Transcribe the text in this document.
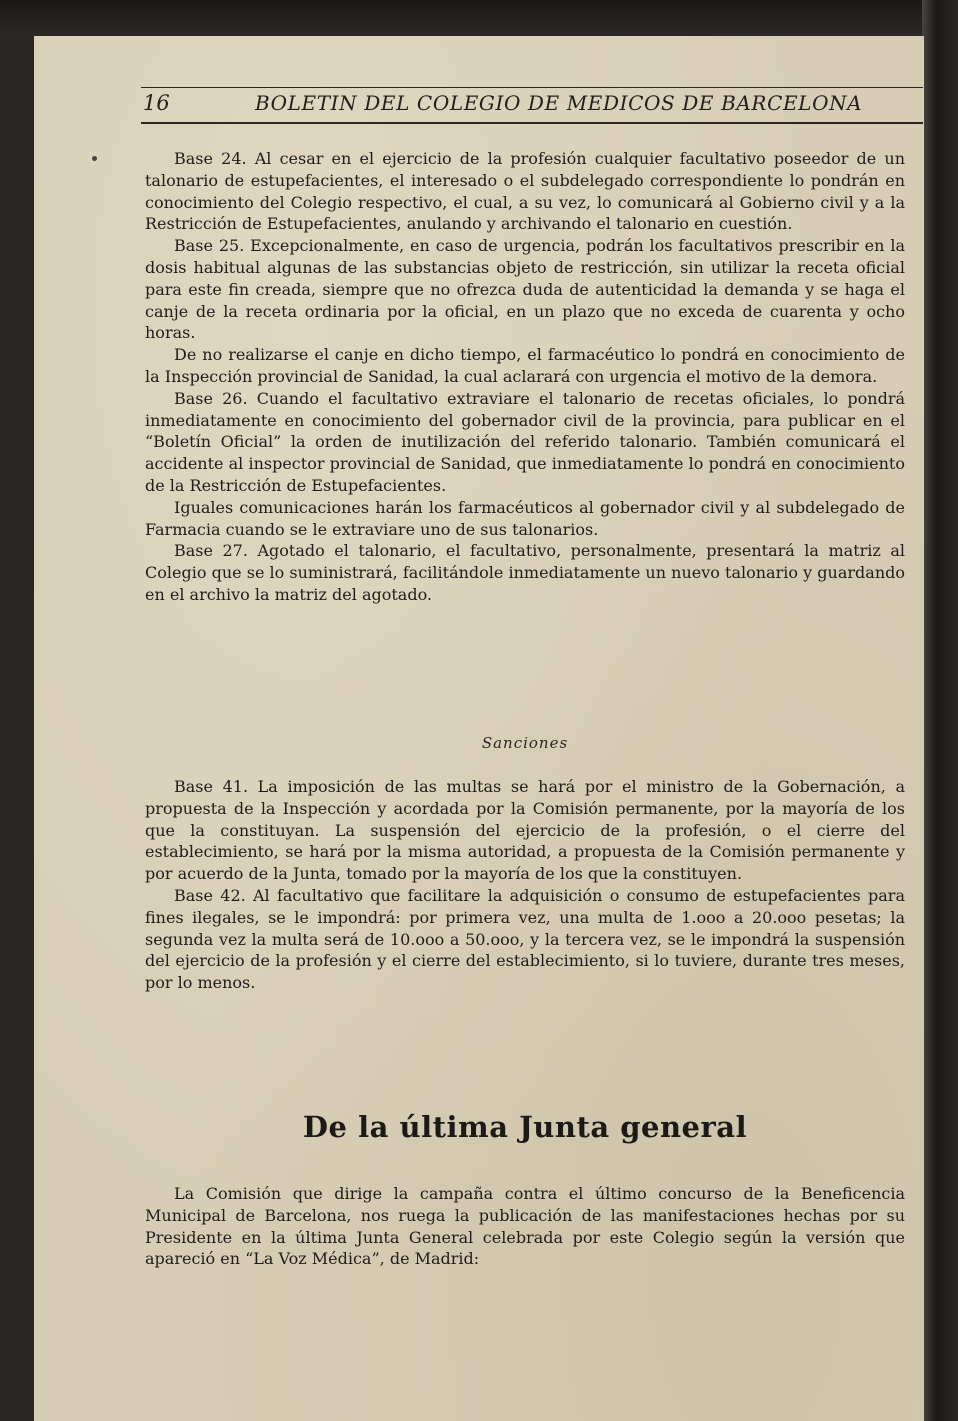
16	BOLETIN DEL COLEGIO DE MEDICOS DE BARCELONA

Base 24. Al cesar en el ejercicio de la profesión cualquier facultativo poseedor de un talonario de estupefacientes, el interesado o el subdelegado correspondiente lo pondrán en conocimiento del Colegio respectivo, el cual, a su vez, lo comunicará al Gobierno civil y a la Restricción de Estupefacientes, anulando y archivando el talonario en cuestión.

Base 25. Excepcionalmente, en caso de urgencia, podrán los facultativos prescribir en la dosis habitual algunas de las substancias objeto de restricción, sin utilizar la receta oficial para este fin creada, siempre que no ofrezca duda de autenticidad la demanda y se haga el canje de la receta ordinaria por la oficial, en un plazo que no exceda de cuarenta y ocho horas.

De no realizarse el canje en dicho tiempo, el farmacéutico lo pondrá en conocimiento de la Inspección provincial de Sanidad, la cual aclarará con urgencia el motivo de la demora.

Base 26. Cuando el facultativo extraviare el talonario de recetas oficiales, lo pondrá inmediatamente en conocimiento del gobernador civil de la provincia, para publicar en el “Boletín Oficial” la orden de inutilización del referido talonario. También comunicará el accidente al inspector provincial de Sanidad, que inmediatamente lo pondrá en conocimiento de la Restricción de Estupefacientes.

Iguales comunicaciones harán los farmacéuticos al gobernador civil y al subdelegado de Farmacia cuando se le extraviare uno de sus talonarios.

Base 27. Agotado el talonario, el facultativo, personalmente, presentará la matriz al Colegio que se lo suministrará, facilitándole inmediatamente un nuevo talonario y guardando en el archivo la matriz del agotado.

Sanciones

Base 41. La imposición de las multas se hará por el ministro de la Gobernación, a propuesta de la Inspección y acordada por la Comisión permanente, por la mayoría de los que la constituyan. La suspensión del ejercicio de la profesión, o el cierre del establecimiento, se hará por la misma autoridad, a propuesta de la Comisión permanente y por acuerdo de la Junta, tomado por la mayoría de los que la constituyen.

Base 42. Al facultativo que facilitare la adquisición o consumo de estupefacientes para fines ilegales, se le impondrá: por primera vez, una multa de 1.ooo a 20.ooo pesetas; la segunda vez la multa será de 10.ooo a 50.ooo, y la tercera vez, se le impondrá la suspensión del ejercicio de la profesión y el cierre del establecimiento, si lo tuviere, durante tres meses, por lo menos.

De la última Junta general

La Comisión que dirige la campaña contra el último concurso de la Beneficencia Municipal de Barcelona, nos ruega la publicación de las manifestaciones hechas por su Presidente en la última Junta General celebrada por este Colegio según la versión que apareció en “La Voz Médica”, de Madrid:
